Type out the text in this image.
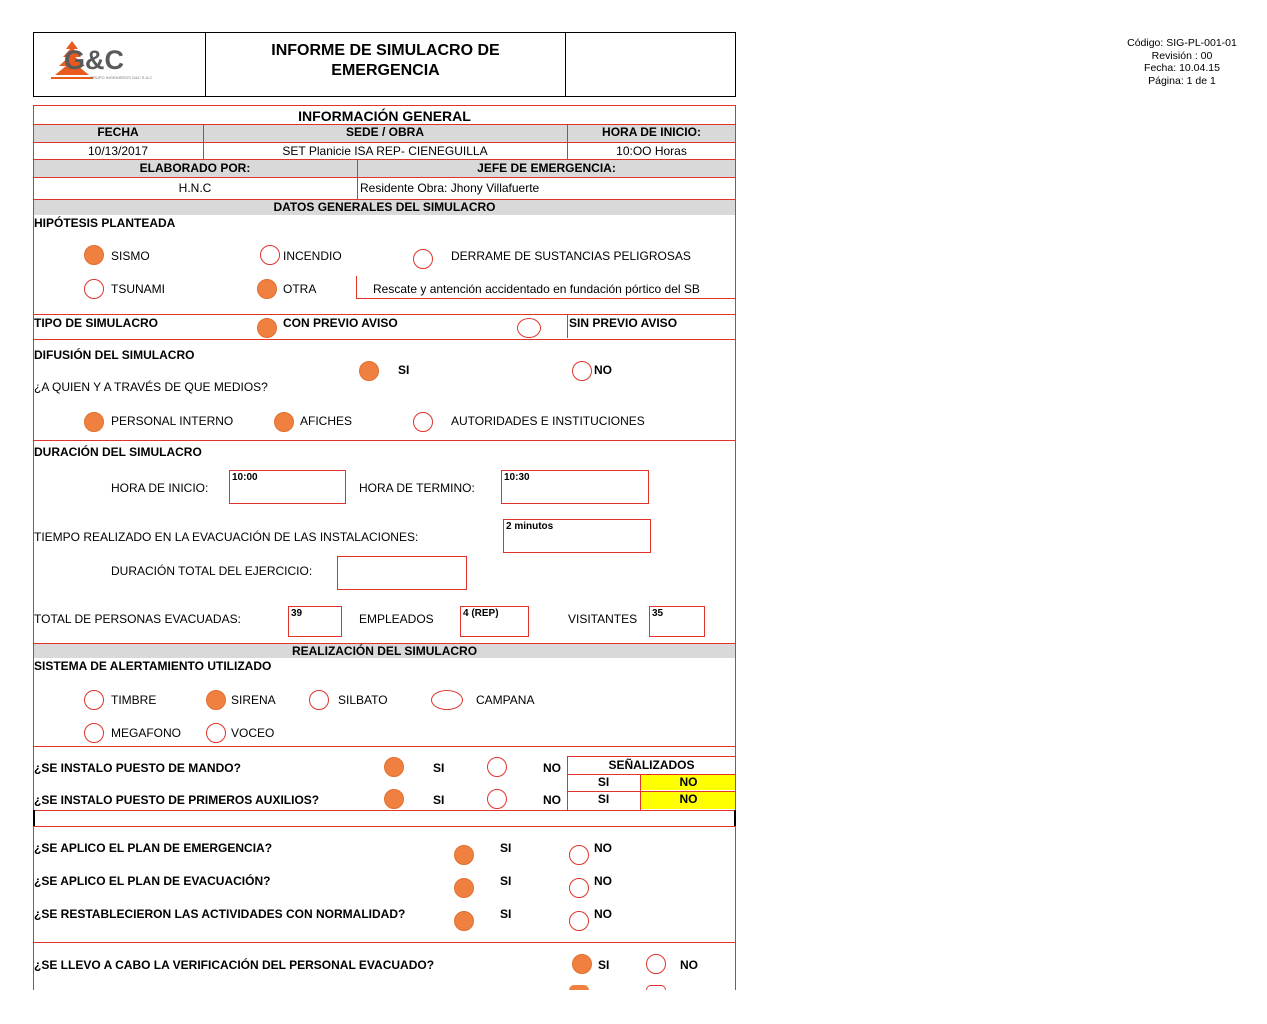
G&C
GRUPO INGENIEROS G&C S.A.C
INFORME DE SIMULACRO DE
EMERGENCIA
Código: SIG-PL-001-01
Revisión : 00
Fecha: 10.04.15
Página: 1 de 1
INFORMACIÓN GENERAL
FECHA	SEDE / OBRA	HORA DE INICIO:
10/13/2017	SET Planicie ISA REP- CIENEGUILLA	10:OO Horas
ELABORADO POR:	JEFE DE EMERGENCIA:
H.N.C	Residente Obra: Jhony Villafuerte
DATOS GENERALES DEL SIMULACRO
HIPÓTESIS PLANTEADA
SISMO	INCENDIO	DERRAME DE SUSTANCIAS PELIGROSAS
TSUNAMI	OTRA	Rescate y antención accidentado en fundación pórtico del SB
TIPO DE SIMULACRO	CON PREVIO AVISO	SIN PREVIO AVISO
DIFUSIÓN DEL SIMULACRO
SI	NO
¿A QUIEN Y A TRAVÉS DE QUE MEDIOS?
PERSONAL INTERNO	AFICHES	AUTORIDADES E INSTITUCIONES
DURACIÓN DEL SIMULACRO
HORA DE INICIO:
10:00
HORA DE TERMINO:
10:30
TIEMPO REALIZADO EN LA EVACUACIÓN DE LAS INSTALACIONES:
2 minutos
DURACIÓN TOTAL DEL EJERCICIO:
TOTAL DE PERSONAS EVACUADAS:	39	EMPLEADOS	4 (REP)	VISITANTES	35
REALIZACIÓN DEL SIMULACRO
SISTEMA DE ALERTAMIENTO UTILIZADO
TIMBRE	SIRENA	SILBATO	CAMPANA
MEGAFONO	VOCEO
SEÑALIZADOS
SI	NO
SI	NO
¿SE INSTALO PUESTO DE MANDO?	SI	NO
¿SE INSTALO PUESTO DE PRIMEROS AUXILIOS?	SI	NO
¿SE APLICO EL PLAN DE EMERGENCIA?	SI	NO
¿SE APLICO EL PLAN DE EVACUACIÓN?	SI	NO
¿SE RESTABLECIERON LAS ACTIVIDADES CON NORMALIDAD?	SI	NO
¿SE LLEVO A CABO LA VERIFICACIÓN DEL PERSONAL EVACUADO?	SI	NO
